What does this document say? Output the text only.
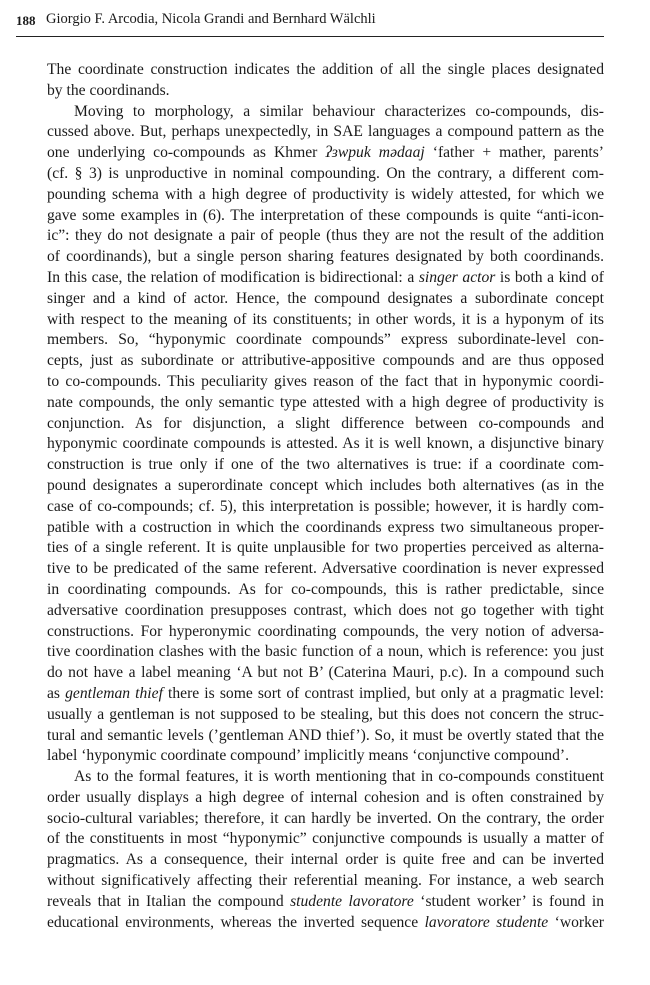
188 Giorgio F. Arcodia, Nicola Grandi and Bernhard Wälchli
The coordinate construction indicates the addition of all the single places designated
by the coordinands.
Moving to morphology, a similar behaviour characterizes co-compounds, dis-
cussed above. But, perhaps unexpectedly, in SAE languages a compound pattern as the
one underlying co-compounds as Khmer ʔɜwpuk mədaaj ‘father + mather, parents’
(cf. § 3) is unproductive in nominal compounding. On the contrary, a different com-
pounding schema with a high degree of productivity is widely attested, for which we
gave some examples in (6). The interpretation of these compounds is quite “anti-icon-
ic”: they do not designate a pair of people (thus they are not the result of the addition
of coordinands), but a single person sharing features designated by both coordinands.
In this case, the relation of modification is bidirectional: a singer actor is both a kind of
singer and a kind of actor. Hence, the compound designates a subordinate concept
with respect to the meaning of its constituents; in other words, it is a hyponym of its
members. So, “hyponymic coordinate compounds” express subordinate-level con-
cepts, just as subordinate or attributive-appositive compounds and are thus opposed
to co-compounds. This peculiarity gives reason of the fact that in hyponymic coordi-
nate compounds, the only semantic type attested with a high degree of productivity is
conjunction. As for disjunction, a slight difference between co-compounds and
hyponymic coordinate compounds is attested. As it is well known, a disjunctive binary
construction is true only if one of the two alternatives is true: if a coordinate com-
pound designates a superordinate concept which includes both alternatives (as in the
case of co-compounds; cf. 5), this interpretation is possible; however, it is hardly com-
patible with a costruction in which the coordinands express two simultaneous proper-
ties of a single referent. It is quite unplausible for two properties perceived as alterna-
tive to be predicated of the same referent. Adversative coordination is never expressed
in coordinating compounds. As for co-compounds, this is rather predictable, since
adversative coordination presupposes contrast, which does not go together with tight
constructions. For hyperonymic coordinating compounds, the very notion of adversa-
tive coordination clashes with the basic function of a noun, which is reference: you just
do not have a label meaning ‘A but not B’ (Caterina Mauri, p.c). In a compound such
as gentleman thief there is some sort of contrast implied, but only at a pragmatic level:
usually a gentleman is not supposed to be stealing, but this does not concern the struc-
tural and semantic levels (’gentleman AND thief’). So, it must be overtly stated that the
label ‘hyponymic coordinate compound’ implicitly means ‘conjunctive compound’.
As to the formal features, it is worth mentioning that in co-compounds constituent
order usually displays a high degree of internal cohesion and is often constrained by
socio-cultural variables; therefore, it can hardly be inverted. On the contrary, the order
of the constituents in most “hyponymic” conjunctive compounds is usually a matter of
pragmatics. As a consequence, their internal order is quite free and can be inverted
without significatively affecting their referential meaning. For instance, a web search
reveals that in Italian the compound studente lavoratore ‘student worker’ is found in
educational environments, whereas the inverted sequence lavoratore studente ‘worker
